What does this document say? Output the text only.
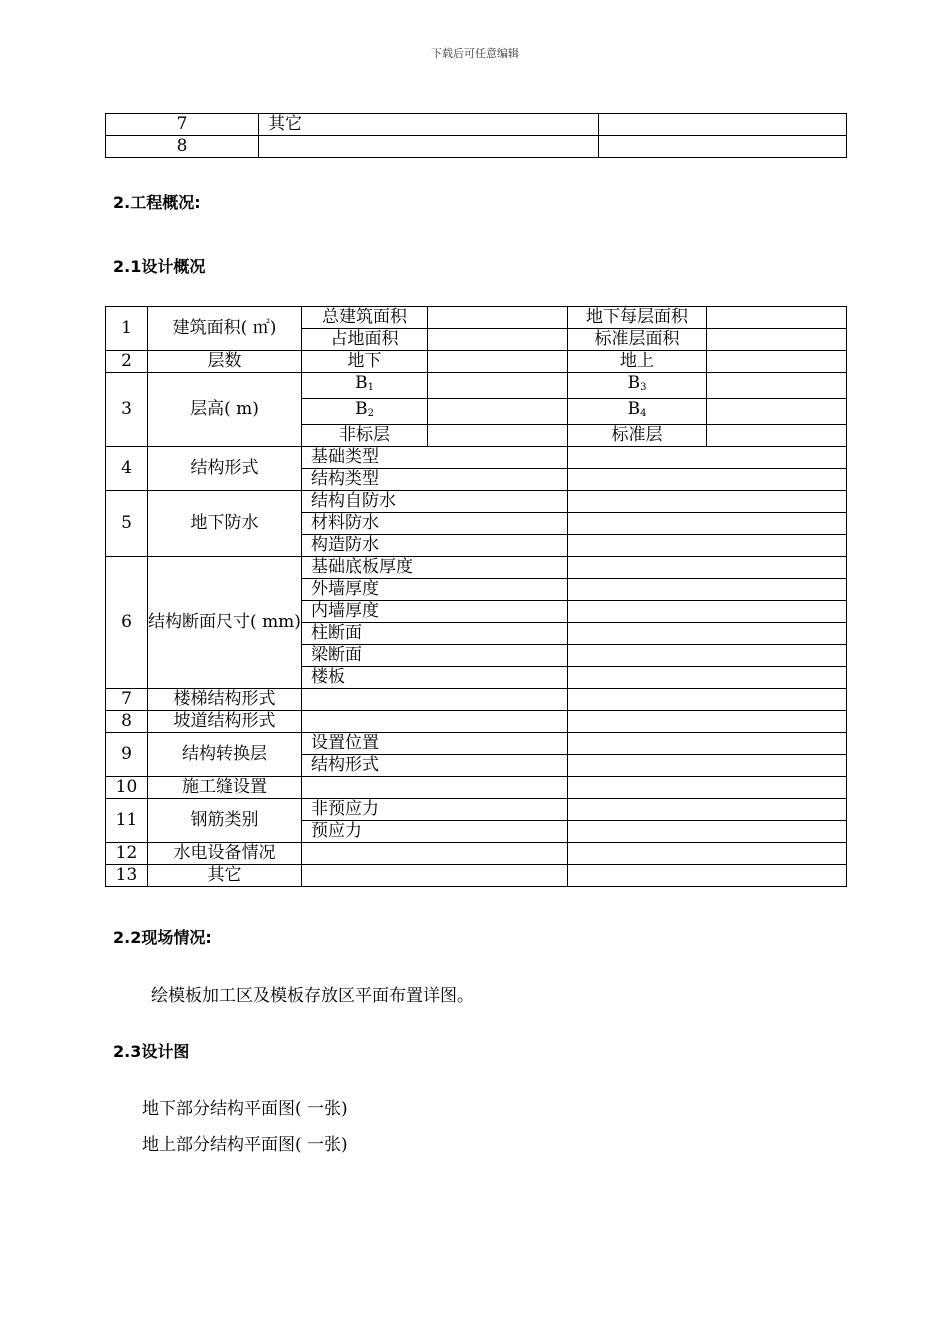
下载后可任意编辑
7	其它	
8		
2.工程概况:
2.1设计概况
1	建筑面积( ㎡)	总建筑面积		地下每层面积	
		占地面积		标准层面积	
2	层数	地下		地上	
3	层高( m)	$B_1$		$B_3$	
		$B_2$		$B_4$	
		非标层		标准层	
4	结构形式	基础类型			
		结构类型			
5	地下防水	结构自防水			
		材料防水			
		构造防水			
6	结构断面尺寸( mm)	基础底板厚度			
		外墙厚度			
		内墙厚度			
		柱断面			
		梁断面			
		楼板			
7	楼梯结构形式				
8	坡道结构形式				
9	结构转换层	设置位置			
		结构形式			
10	施工缝设置				
11	钢筋类别	非预应力			
		预应力			
12	水电设备情况				
13	其它				
2.2现场情况:
绘模板加工区及模板存放区平面布置详图。
2.3设计图
地下部分结构平面图( 一张)
地上部分结构平面图( 一张)
